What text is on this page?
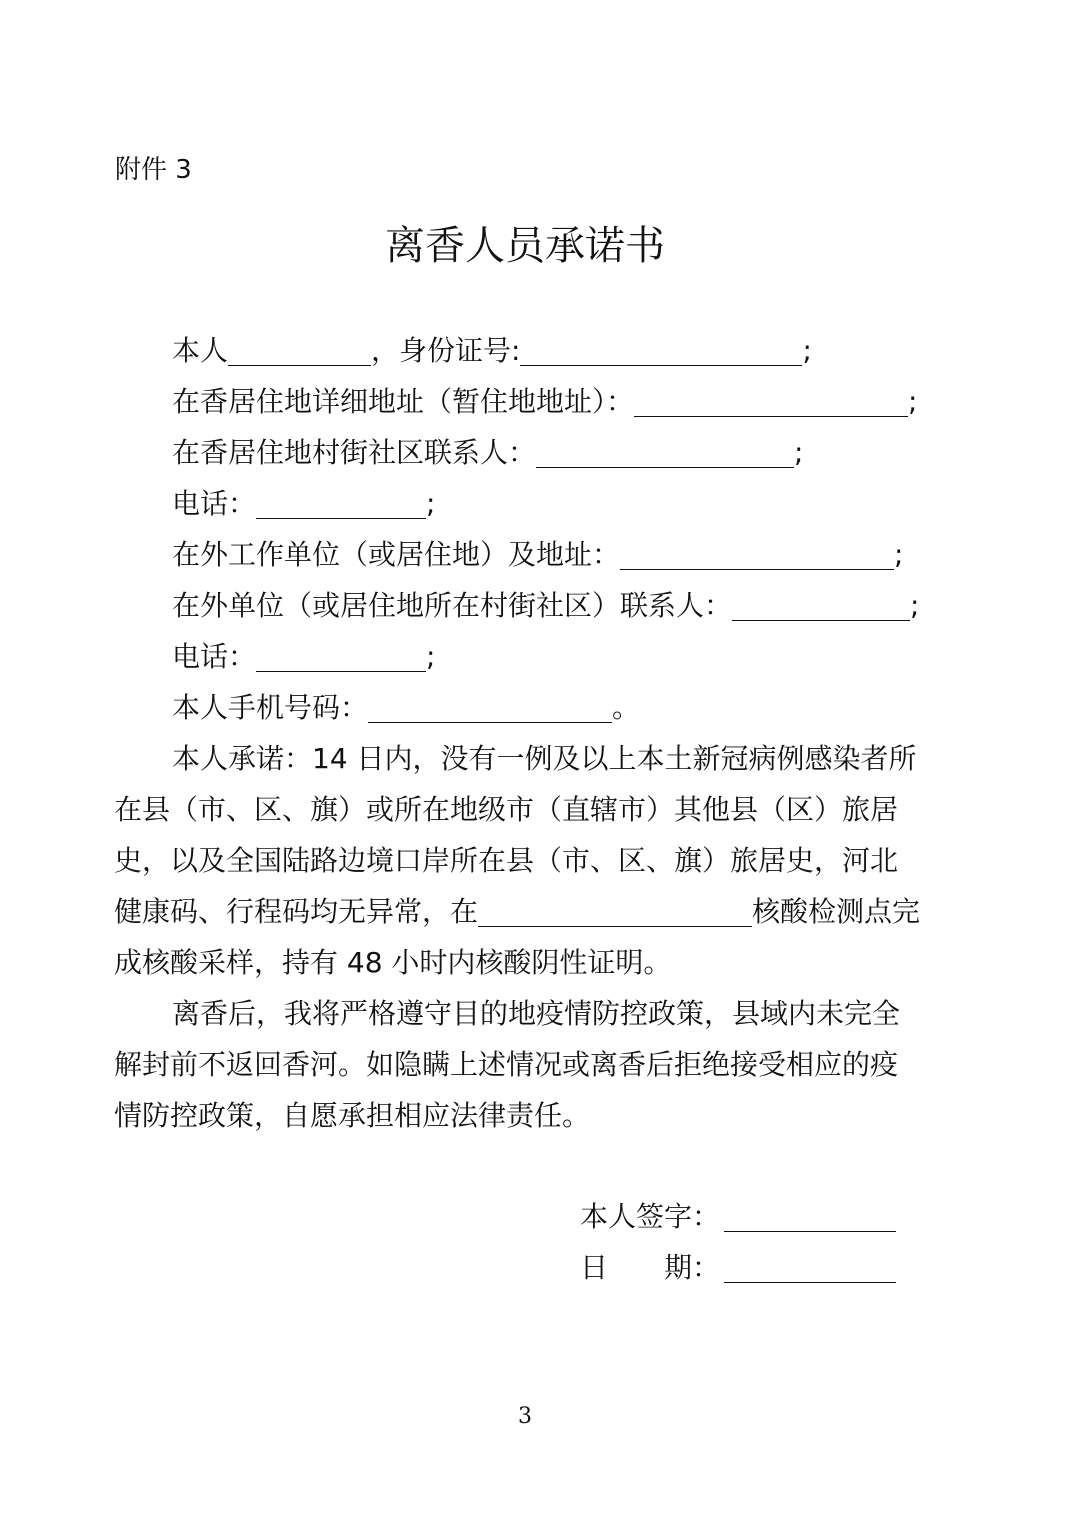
附件 3
离香人员承诺书
本人	，身份证号:	;
在香居住地详细地址（暂住地地址）：	;
在香居住地村街社区联系人：	;
电话：	;
在外工作单位（或居住地）及地址：	;
在外单位（或居住地所在村街社区）联系人：	;
电话：	;
本人手机号码：	。
本人承诺：14 日内，没有一例及以上本土新冠病例感染者所
在县（市、区、旗）或所在地级市（直辖市）其他县（区）旅居
史，以及全国陆路边境口岸所在县（市、区、旗）旅居史，河北
健康码、行程码均无异常，在	核酸检测点完
成核酸采样，持有 48 小时内核酸阴性证明。
离香后，我将严格遵守目的地疫情防控政策，县域内未完全
解封前不返回香河。如隐瞒上述情况或离香后拒绝接受相应的疫
情防控政策，自愿承担相应法律责任。
本人签字：
日 期：
3
